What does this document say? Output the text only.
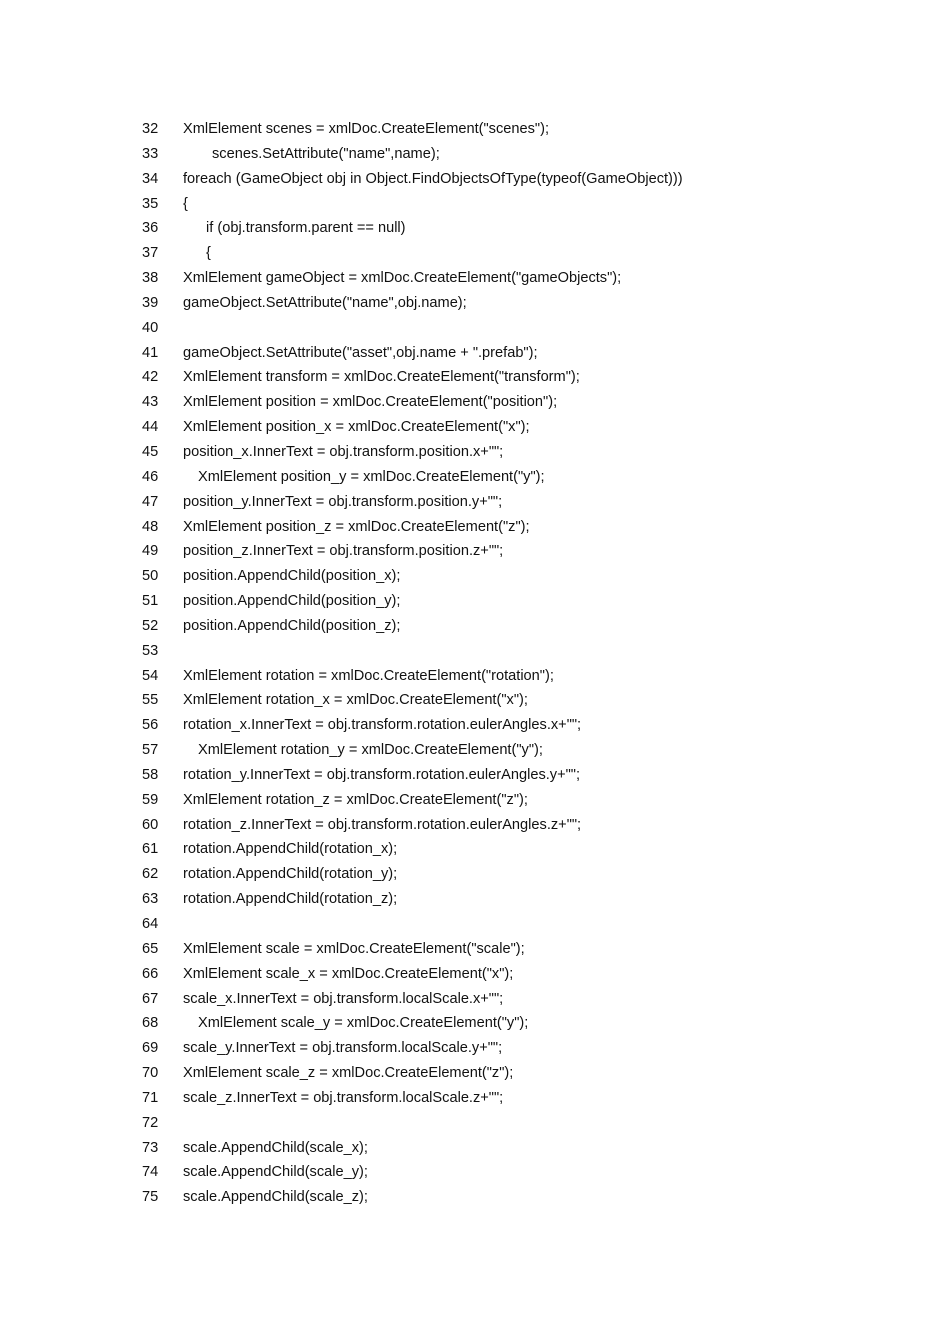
32	XmlElement scenes = xmlDoc.CreateElement("scenes");
33	scenes.SetAttribute("name",name);
34	foreach (GameObject obj in Object.FindObjectsOfType(typeof(GameObject)))
35	{
36	if (obj.transform.parent == null)
37	{
38	XmlElement gameObject = xmlDoc.CreateElement("gameObjects");
39	gameObject.SetAttribute("name",obj.name);
40
41	gameObject.SetAttribute("asset",obj.name + ".prefab");
42	XmlElement transform = xmlDoc.CreateElement("transform");
43	XmlElement position = xmlDoc.CreateElement("position");
44	XmlElement position_x = xmlDoc.CreateElement("x");
45	position_x.InnerText = obj.transform.position.x+"";
46	XmlElement position_y = xmlDoc.CreateElement("y");
47	position_y.InnerText = obj.transform.position.y+"";
48	XmlElement position_z = xmlDoc.CreateElement("z");
49	position_z.InnerText = obj.transform.position.z+"";
50	position.AppendChild(position_x);
51	position.AppendChild(position_y);
52	position.AppendChild(position_z);
53
54	XmlElement rotation = xmlDoc.CreateElement("rotation");
55	XmlElement rotation_x = xmlDoc.CreateElement("x");
56	rotation_x.InnerText = obj.transform.rotation.eulerAngles.x+"";
57	XmlElement rotation_y = xmlDoc.CreateElement("y");
58	rotation_y.InnerText = obj.transform.rotation.eulerAngles.y+"";
59	XmlElement rotation_z = xmlDoc.CreateElement("z");
60	rotation_z.InnerText = obj.transform.rotation.eulerAngles.z+"";
61	rotation.AppendChild(rotation_x);
62	rotation.AppendChild(rotation_y);
63	rotation.AppendChild(rotation_z);
64
65	XmlElement scale = xmlDoc.CreateElement("scale");
66	XmlElement scale_x = xmlDoc.CreateElement("x");
67	scale_x.InnerText = obj.transform.localScale.x+"";
68	XmlElement scale_y = xmlDoc.CreateElement("y");
69	scale_y.InnerText = obj.transform.localScale.y+"";
70	XmlElement scale_z = xmlDoc.CreateElement("z");
71	scale_z.InnerText = obj.transform.localScale.z+"";
72
73	scale.AppendChild(scale_x);
74	scale.AppendChild(scale_y);
75	scale.AppendChild(scale_z);
